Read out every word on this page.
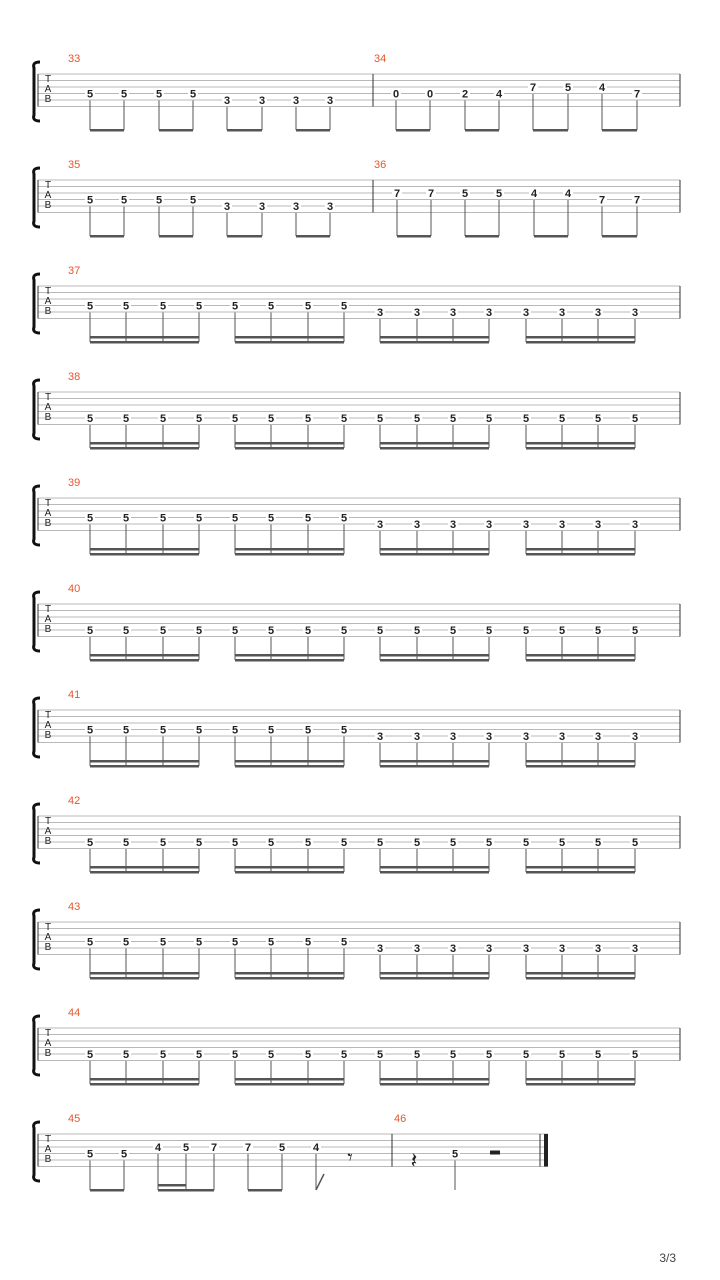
T
A
B
33
5	5	5	5
3	3	3	3
34
0	0	2	4
7	5	4
7
T
A
B
35
5	5	5	5
3	3	3	3
36
7	7	5	5	4	4
7	7
T
A
B
37
5	5	5	5	5	5	5	5
3	3	3	3	3	3	3	3
T
A
B
38
5	5	5	5	5	5	5	5	5	5	5	5	5	5	5	5
T
A
B
39
5	5	5	5	5	5	5	5
3	3	3	3	3	3	3	3
T
A
B
40
5	5	5	5	5	5	5	5	5	5	5	5	5	5	5	5
T
A
B
41
5	5	5	5	5	5	5	5
3	3	3	3	3	3	3	3
T
A
B
42
5	5	5	5	5	5	5	5	5	5	5	5	5	5	5	5
T
A
B
43
5	5	5	5	5	5	5	5
3	3	3	3	3	3	3	3
T
A
B
44
5	5	5	5	5	5	5	5	5	5	5	5	5	5	5	5
T
A
B
45
5	5
4 5 7	7	5	4 𝄾
46
5
𝄽
3/3
